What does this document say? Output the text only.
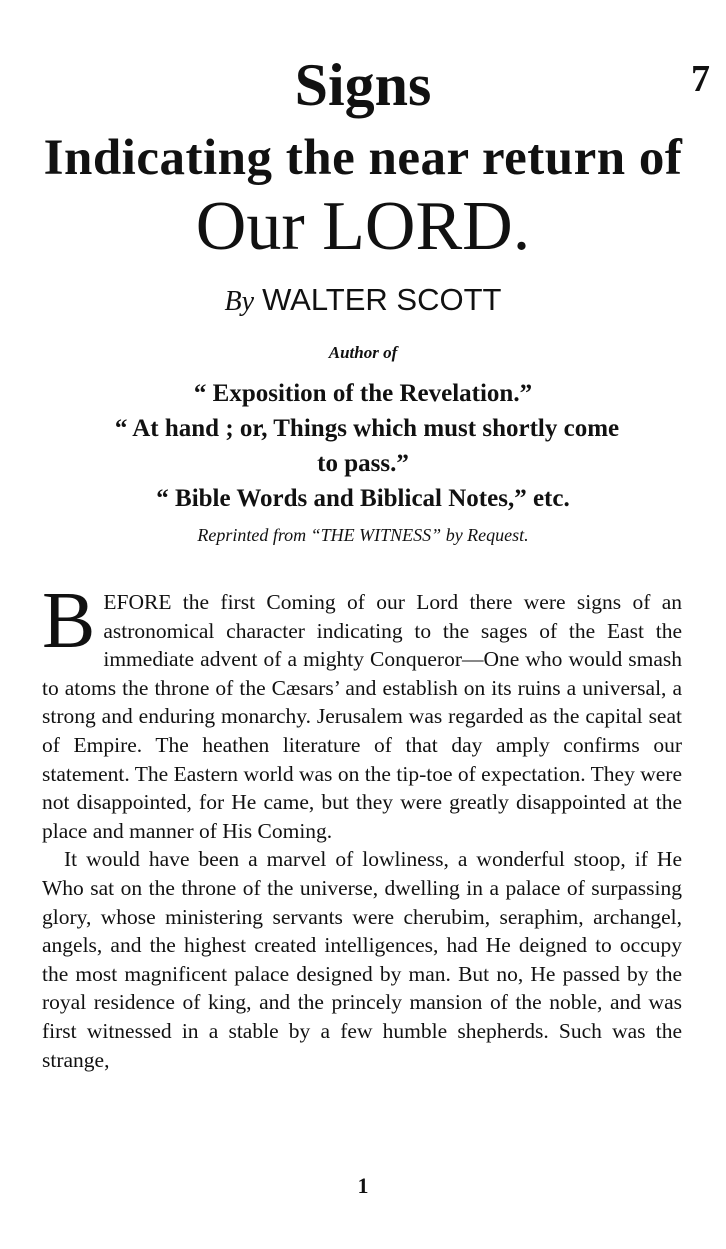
7
Signs
Indicating the near return of
Our LORD.
By WALTER SCOTT
Author of
“ Exposition of the Revelation.”
“ At hand ; or, Things which must shortly come
to pass.”
“ Bible Words and Biblical Notes,” etc.
Reprinted from “THE WITNESS” by Request.

BEFORE the first Coming of our Lord there were signs of an astronomical character indicating to the sages of the East the immediate advent of a mighty Conqueror—One who would smash to atoms the throne of the Cæsars’ and establish on its ruins a universal, a strong and enduring monarchy. Jerusalem was regarded as the capital seat of Empire. The heathen literature of that day amply confirms our statement. The Eastern world was on the tip-toe of expectation. They were not disappointed, for He came, but they were greatly disappointed at the place and manner of His Coming.

It would have been a marvel of lowliness, a wonderful stoop, if He Who sat on the throne of the universe, dwelling in a palace of surpassing glory, whose ministering servants were cherubim, seraphim, archangel, angels, and the highest created intelligences, had He deigned to occupy the most magnificent palace designed by man. But no, He passed by the royal residence of king, and the princely mansion of the noble, and was first witnessed in a stable by a few humble shepherds. Such was the strange,

1
